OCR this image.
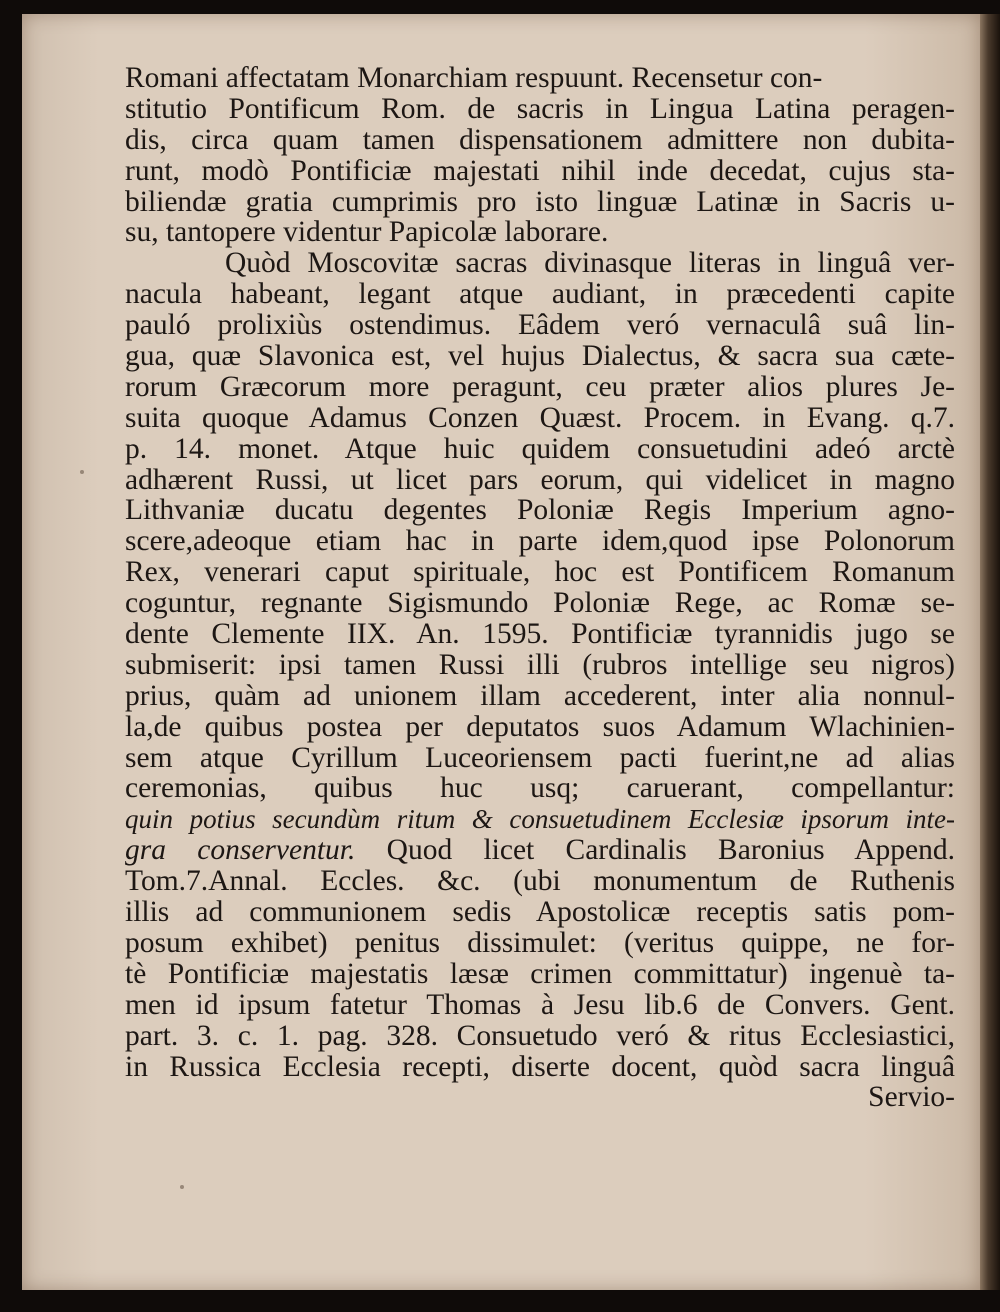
Romani affectatam Monarchiam respuunt. Recensetur con-
stitutio Pontificum Rom. de sacris in Lingua Latina peragen-
dis, circa quam tamen dispensationem admittere non dubita-
runt, modò Pontificiæ majestati nihil inde decedat, cujus sta-
biliendæ gratia cumprimis pro isto linguæ Latinæ in Sacris u-
su, tantopere videntur Papicolæ laborare.
Quòd Moscovitæ sacras divinasque literas in linguâ ver-
nacula habeant, legant atque audiant, in præcedenti capite
pauló prolixiùs ostendimus. Eâdem veró vernaculâ suâ lin-
gua, quæ Slavonica est, vel hujus Dialectus, & sacra sua cæte-
rorum Græcorum more peragunt, ceu præter alios plures Je-
suita quoque Adamus Conzen Quæst. Procem. in Evang. q.7.
p. 14. monet. Atque huic quidem consuetudini adeó arctè
adhærent Russi, ut licet pars eorum, qui videlicet in magno
Lithvaniæ ducatu degentes Poloniæ Regis Imperium agno-
scere,adeoque etiam hac in parte idem,quod ipse Polonorum
Rex, venerari caput spirituale, hoc est Pontificem Romanum
coguntur, regnante Sigismundo Poloniæ Rege, ac Romæ se-
dente Clemente IIX. An. 1595. Pontificiæ tyrannidis jugo se
submiserit: ipsi tamen Russi illi (rubros intellige seu nigros)
prius, quàm ad unionem illam accederent, inter alia nonnul-
la,de quibus postea per deputatos suos Adamum Wlachinien-
sem atque Cyrillum Luceoriensem pacti fuerint,ne ad alias
ceremonias, quibus huc usq; caruerant, compellantur:
quin potius secundùm ritum & consuetudinem Ecclesiæ ipsorum inte-
gra conserventur. Quod licet Cardinalis Baronius Append.
Tom.7.Annal. Eccles. &c. (ubi monumentum de Ruthenis
illis ad communionem sedis Apostolicæ receptis satis pom-
posum exhibet) penitus dissimulet: (veritus quippe, ne for-
tè Pontificiæ majestatis læsæ crimen committatur) ingenuè ta-
men id ipsum fatetur Thomas à Jesu lib.6 de Convers. Gent.
part. 3. c. 1. pag. 328. Consuetudo veró & ritus Ecclesiastici,
in Russica Ecclesia recepti, diserte docent, quòd sacra linguâ
Servio-
